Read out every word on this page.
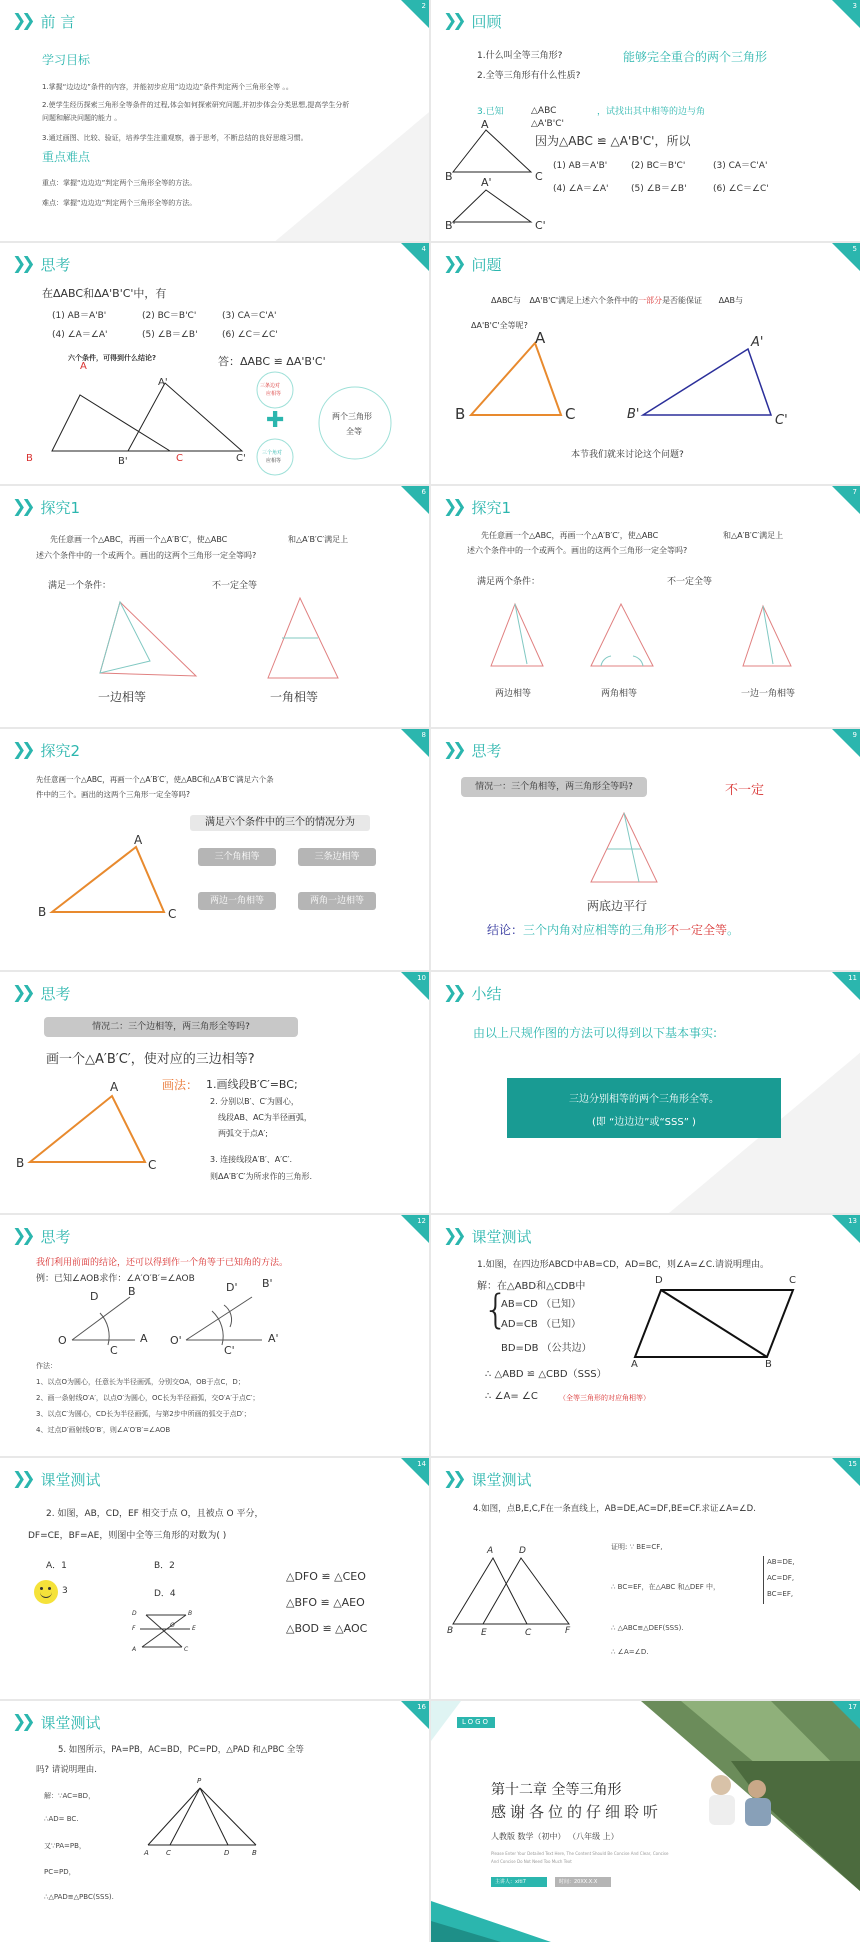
2
❯❯ 前 言
学习目标
1.掌握“边边边”条件的内容，并能初步应用“边边边”条件判定两个三角形全等 。。
2.使学生经历探索三角形全等条件的过程,体会如何探索研究问题,并初步体会分类思想,提高学生分析
问题和解决问题的能力 。
3.通过画图、比较、验证，培养学生注重观察，善于思考，不断总结的良好思维习惯。
重点难点
重点：掌握“边边边”判定两个三角形全等的方法。
难点：掌握“边边边”判定两个三角形全等的方法。
3
❯❯ 回顾
1.什么叫全等三角形?	能够完全重合的两个三角形
2.全等三角形有什么性质?
3.已知	△ABC
△A'B'C'
，试找出其中相等的边与角
因为△ABC ≌ △A'B'C'，所以
(1) AB＝A'B'	(2) BC＝B'C'	(3) CA＝C'A'
(4) ∠A＝∠A' (5) ∠B＝∠B'	(6) ∠C＝∠C'
A
B	C
A'
B'	C'
4
❯❯ 思考
在ΔABC和ΔA'B'C'中，有
(1) AB＝A'B'	(2) BC＝B'C'	(3) CA＝C'A'
(4) ∠A＝∠A'	(5) ∠B＝∠B'	(6) ∠C＝∠C'
六个条件，可得到什么结论?	答：ΔABC ≌ ΔA'B'C'
A
A'
B	B'	C	C'
三条边对
应相等
✚
三个角对
应相等
两个三角形
全等
5
❯❯ 问题
ΔABC与 ΔA'B'C'满足上述六个条件中的一部分是否能保证 ΔAB与
ΔA'B'C'全等呢?
A
B	C
A'
B'	C'
本节我们就来讨论这个问题?
6
❯❯ 探究1
先任意画一个△ABC，再画一个△A′B′C′，使△ABC	和△A′B′C′满足上
述六个条件中的一个或两个。画出的这两个三角形一定全等吗?
满足一个条件：	不一定全等
一边相等	一角相等
7
❯❯ 探究1
先任意画一个△ABC，再画一个△A′B′C′，使△ABC	和△A′B′C′满足上
述六个条件中的一个或两个。画出的这两个三角形一定全等吗?
满足两个条件：	不一定全等
两边相等	两角相等	一边一角相等
8
❯❯ 探究2
先任意画一个△ABC，再画一个△A′B′C′，使△ABC和△A′B′C′满足六个条
件中的三个。画出的这两个三角形一定全等吗?
满足六个条件中的三个的情况分为
三个角相等	三条边相等
两边一角相等	两角一边相等
A
B	C
9
❯❯ 思考
情况一：三个角相等，两三角形全等吗?	不一定
两底边平行
结论：三个内角对应相等的三角形不一定全等。
10
❯❯ 思考
情况二：三个边相等，两三角形全等吗?
画一个△A′B′C′，使对应的三边相等?
画法： 1.画线段B′C′=BC;
2. 分别以B′、C′为圆心，
线段AB、AC为半径画弧，
两弧交于点A′;
3. 连接线段A′B′、A′C′.
则ΔA′B′C′为所求作的三角形.
A
B	C
11
❯❯ 小结
由以上尺规作图的方法可以得到以下基本事实:
三边分别相等的两个三角形全等。
(即 “边边边”或“SSS” )
12
❯❯ 思考
我们利用前面的结论，还可以得到作一个角等于已知角的方法。
例：已知∠AOB求作：∠A′O′B′=∠AOB
D	B
O
C
A
D' B'
O'
C'
A'
作法：
1、以点O为圆心，任意长为半径画弧，分别交OA，OB于点C，D；
2、画一条射线O′A′，以点O′为圆心，OC长为半径画弧，交O′A′于点C′；
3、以点C′为圆心，CD长为半径画弧，与第2步中所画的弧交于点D′；
4、过点D′画射线O′B′，则∠A′O′B′=∠AOB
13
❯❯ 课堂测试
1.如图，在四边形ABCD中AB=CD，AD=BC，则∠A=∠C.请说明理由。
解：在△ABD和△CDB中
{
AB=CD （已知）
AD=CB （已知）
BD=DB （公共边）
∴ △ABD ≌ △CBD（SSS）
∴ ∠A= ∠C	（全等三角形的对应角相等）
D	C
A	B
14
❯❯ 课堂测试
2. 如图，AB，CD，EF 相交于点 O，且被点 O 平分，
DF=CE，BF=AE，则图中全等三角形的对数为( )
A．1	B．2
3	D．4
△DFO ≌ △CEO
△BFO ≌ △AEO
△BOD ≌ △AOC
D	B
F	O	E
A	C
15
❯❯ 课堂测试
4.如图，点B,E,C,F在一条直线上，AB=DE,AC=DF,BE=CF.求证∠A=∠D.
A	D
B	E	C	F
证明: ∵ BE=CF,
∴ BC=EF，在△ABC 和△DEF 中，
AB=DE,
AC=DF,
BC=EF,
∴ △ABC≌△DEF(SSS).
∴ ∠A=∠D.
16
❯❯ 课堂测试
5. 如图所示，PA=PB，AC=BD，PC=PD，△PAD 和△PBC 全等
吗? 请说明理由.
解：∵AC=BD，
∴AD= BC.
又∵PA=PB，
PC=PD，
∴△PAD≌△PBC(SSS).
P
A C	D	B
17
LOGO
第十二章 全等三角形
感谢各位的仔细聆听
人教版 数学（初中） （八年级 上）
Please Enter Your Detailed Text Here, The Content Should Be Concise And Clear, Concise
And Concise Do Not Need Too Much Text
主讲人：xiti7	时间：20XX.X.X
